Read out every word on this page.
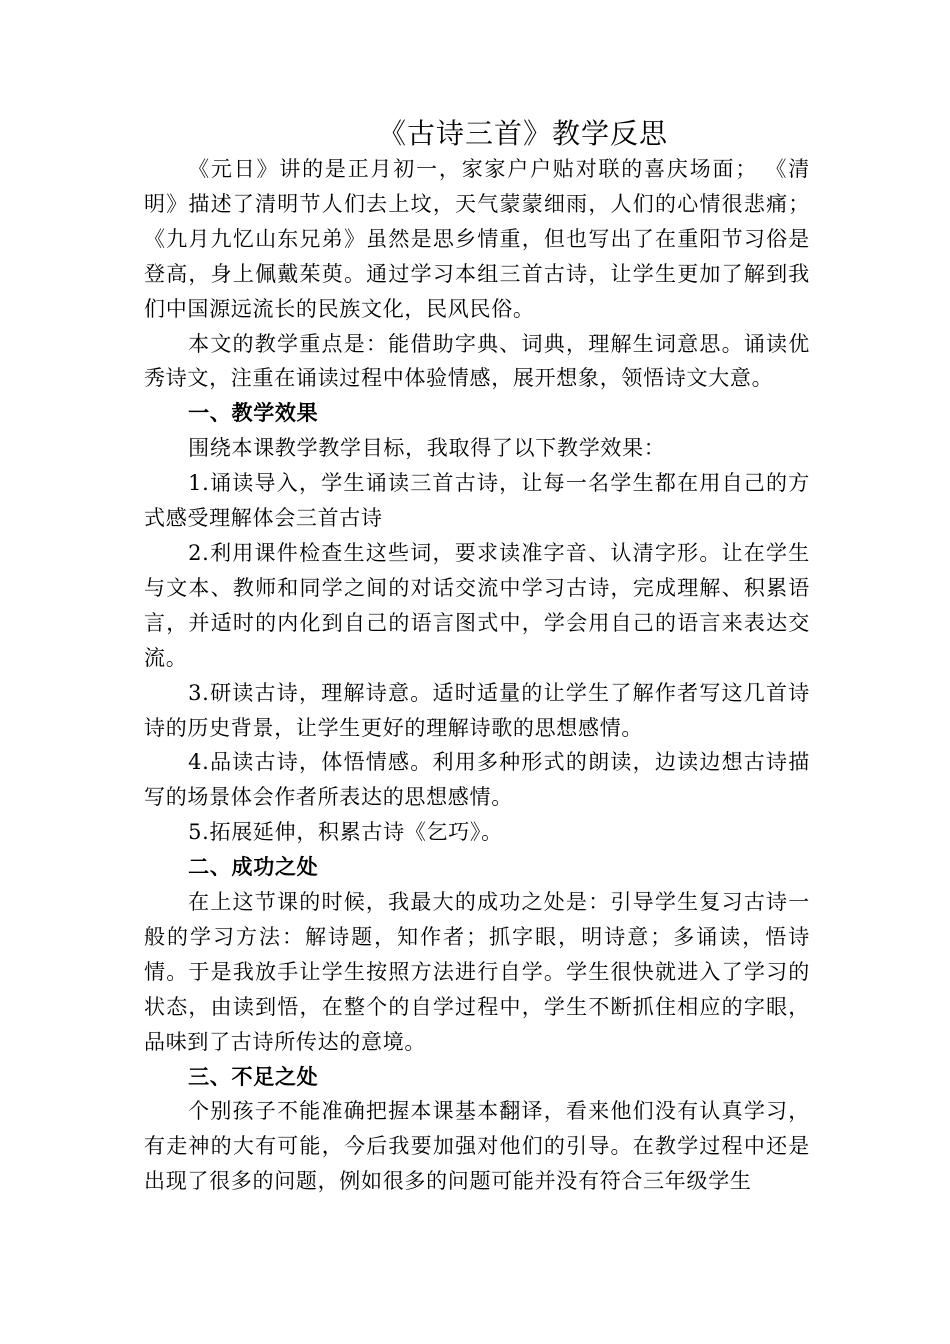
《古诗三首》教学反思

《元日》讲的是正月初一，家家户户贴对联的喜庆场面； 《清明》描述了清明节人们去上坟，天气蒙蒙细雨，人们的心情很悲痛；《九月九忆山东兄弟》虽然是思乡情重，但也写出了在重阳节习俗是登高，身上佩戴茱萸。通过学习本组三首古诗，让学生更加了解到我们中国源远流长的民族文化，民风民俗。

本文的教学重点是：能借助字典、词典，理解生词意思。诵读优秀诗文，注重在诵读过程中体验情感，展开想象，领悟诗文大意。

一、教学效果

围绕本课教学教学目标，我取得了以下教学效果：

1.诵读导入，学生诵读三首古诗，让每一名学生都在用自己的方式感受理解体会三首古诗

2.利用课件检查生这些词，要求读准字音、认清字形。让在学生与文本、教师和同学之间的对话交流中学习古诗，完成理解、积累语言，并适时的内化到自己的语言图式中，学会用自己的语言来表达交流。

3.研读古诗，理解诗意。适时适量的让学生了解作者写这几首诗诗的历史背景，让学生更好的理解诗歌的思想感情。

4.品读古诗，体悟情感。利用多种形式的朗读，边读边想古诗描写的场景体会作者所表达的思想感情。

5.拓展延伸，积累古诗《乞巧》。

二、成功之处

在上这节课的时候，我最大的成功之处是：引导学生复习古诗一般的学习方法：解诗题，知作者；抓字眼，明诗意；多诵读，悟诗情。于是我放手让学生按照方法进行自学。学生很快就进入了学习的状态，由读到悟，在整个的自学过程中，学生不断抓住相应的字眼，品味到了古诗所传达的意境。

三、不足之处

个别孩子不能准确把握本课基本翻译，看来他们没有认真学习，有走神的大有可能，今后我要加强对他们的引导。在教学过程中还是出现了很多的问题，例如很多的问题可能并没有符合三年级学生
